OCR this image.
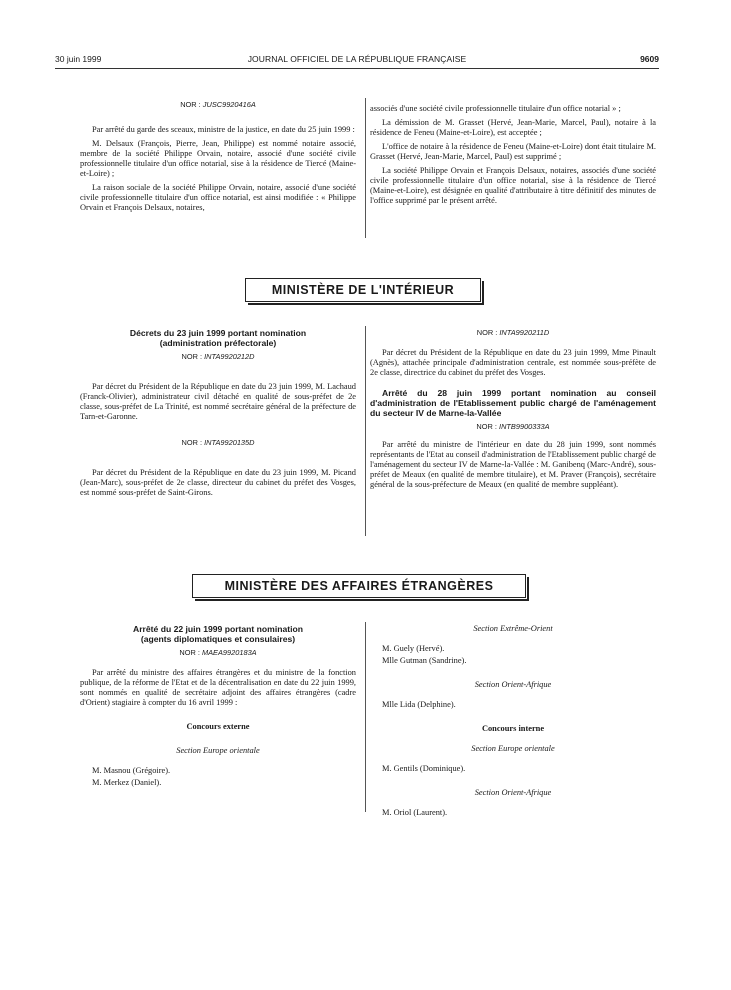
30 juin 1999	JOURNAL OFFICIEL DE LA RÉPUBLIQUE FRANÇAISE	9609

NOR : JUSC9920416A

Par arrêté du garde des sceaux, ministre de la justice, en date du 25 juin 1999 :

M. Delsaux (François, Pierre, Jean, Philippe) est nommé notaire associé, membre de la société Philippe Orvain, notaire, associé d'une société civile professionnelle titulaire d'un office notarial, sise à la résidence de Tiercé (Maine-et-Loire) ;

La raison sociale de la société Philippe Orvain, notaire, associé d'une société civile professionnelle titulaire d'un office notarial, est ainsi modifiée : « Philippe Orvain et François Delsaux, notaires,

associés d'une société civile professionnelle titulaire d'un office notarial » ;

La démission de M. Grasset (Hervé, Jean-Marie, Marcel, Paul), notaire à la résidence de Feneu (Maine-et-Loire), est acceptée ;

L'office de notaire à la résidence de Feneu (Maine-et-Loire) dont était titulaire M. Grasset (Hervé, Jean-Marie, Marcel, Paul) est supprimé ;

La société Philippe Orvain et François Delsaux, notaires, associés d'une société civile professionnelle titulaire d'un office notarial, sise à la résidence de Tiercé (Maine-et-Loire), est désignée en qualité d'attributaire à titre définitif des minutes de l'office supprimé par le présent arrêté.

MINISTÈRE DE L'INTÉRIEUR
Décrets du 23 juin 1999 portant nomination
(administration préfectorale)

NOR : INTA9920212D

Par décret du Président de la République en date du 23 juin 1999, M. Lachaud (Franck-Olivier), administrateur civil détaché en qualité de sous-préfet de 2e classe, sous-préfet de La Trinité, est nommé secrétaire général de la préfecture de Tarn-et-Garonne.

NOR : INTA9920135D

Par décret du Président de la République en date du 23 juin 1999, M. Picand (Jean-Marc), sous-préfet de 2e classe, directeur du cabinet du préfet des Vosges, est nommé sous-préfet de Saint-Girons.

NOR : INTA9920211D

Par décret du Président de la République en date du 23 juin 1999, Mme Pinault (Agnès), attachée principale d'administration centrale, est nommée sous-préfète de 2e classe, directrice du cabinet du préfet des Vosges.

Arrêté du 28 juin 1999 portant nomination au conseil d'administration de l'Etablissement public chargé de l'aménagement du secteur IV de Marne-la-Vallée

NOR : INTB9900333A

Par arrêté du ministre de l'intérieur en date du 28 juin 1999, sont nommés représentants de l'Etat au conseil d'administration de l'Etablissement public chargé de l'aménagement du secteur IV de Marne-la-Vallée : M. Ganibenq (Marc-André), sous-préfet de Meaux (en qualité de membre titulaire), et M. Praver (François), secrétaire général de la sous-préfecture de Meaux (en qualité de membre suppléant).

MINISTÈRE DES AFFAIRES ÉTRANGÈRES
Arrêté du 22 juin 1999 portant nomination
(agents diplomatiques et consulaires)

NOR : MAEA9920183A

Par arrêté du ministre des affaires étrangères et du ministre de la fonction publique, de la réforme de l'Etat et de la décentralisation en date du 22 juin 1999, sont nommés en qualité de secrétaire adjoint des affaires étrangères (cadre d'Orient) stagiaire à compter du 16 avril 1999 :

Concours externe
Section Europe orientale

M. Masnou (Grégoire).

M. Merkez (Daniel).

Section Extrême-Orient

M. Guely (Hervé).

Mlle Gutman (Sandrine).

Section Orient-Afrique

Mlle Lida (Delphine).

Concours interne
Section Europe orientale

M. Gentils (Dominique).

Section Orient-Afrique

M. Oriol (Laurent).
